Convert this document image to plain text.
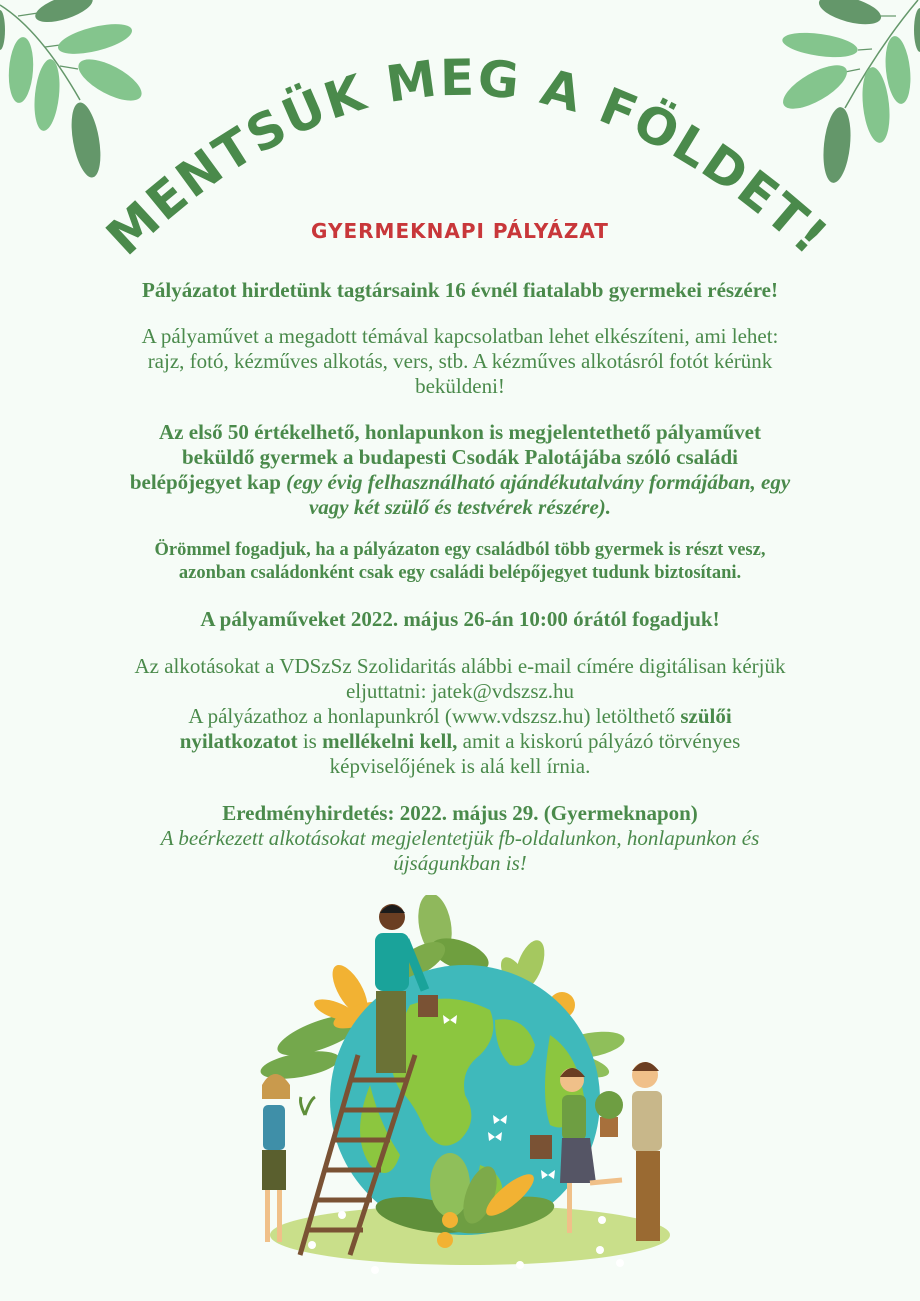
MENTSÜK MEG A FÖLDET!
GYERMEKNAPI PÁLYÁZAT

Pályázatot hirdetünk tagtársaink 16 évnél fiatalabb gyermekei részére!

A pályaművet a megadott témával kapcsolatban lehet elkészíteni, ami lehet:

rajz, fotó, kézműves alkotás, vers, stb. A kézműves alkotásról fotót kérünk

beküldeni!

Az első 50 értékelhető, honlapunkon is megjelentethető pályaművet

beküldő gyermek a budapesti Csodák Palotájába szóló családi

belépőjegyet kap (egy évig felhasználható ajándékutalvány formájában, egy

vagy két szülő és testvérek részére).

Örömmel fogadjuk, ha a pályázaton egy családból több gyermek is részt vesz,

azonban családonként csak egy családi belépőjegyet tudunk biztosítani.

A pályaműveket 2022. május 26-án 10:00 órától fogadjuk!

Az alkotásokat a VDSzSz Szolidaritás alábbi e-mail címére digitálisan kérjük

eljuttatni: jatek@vdszsz.hu

A pályázathoz a honlapunkról (www.vdszsz.hu) letölthető szülői

nyilatkozatot is mellékelni kell, amit a kiskorú pályázó törvényes

képviselőjének is alá kell írnia.

Eredményhirdetés: 2022. május 29. (Gyermeknapon)

A beérkezett alkotásokat megjelentetjük fb-oldalunkon, honlapunkon és

újságunkban is!
